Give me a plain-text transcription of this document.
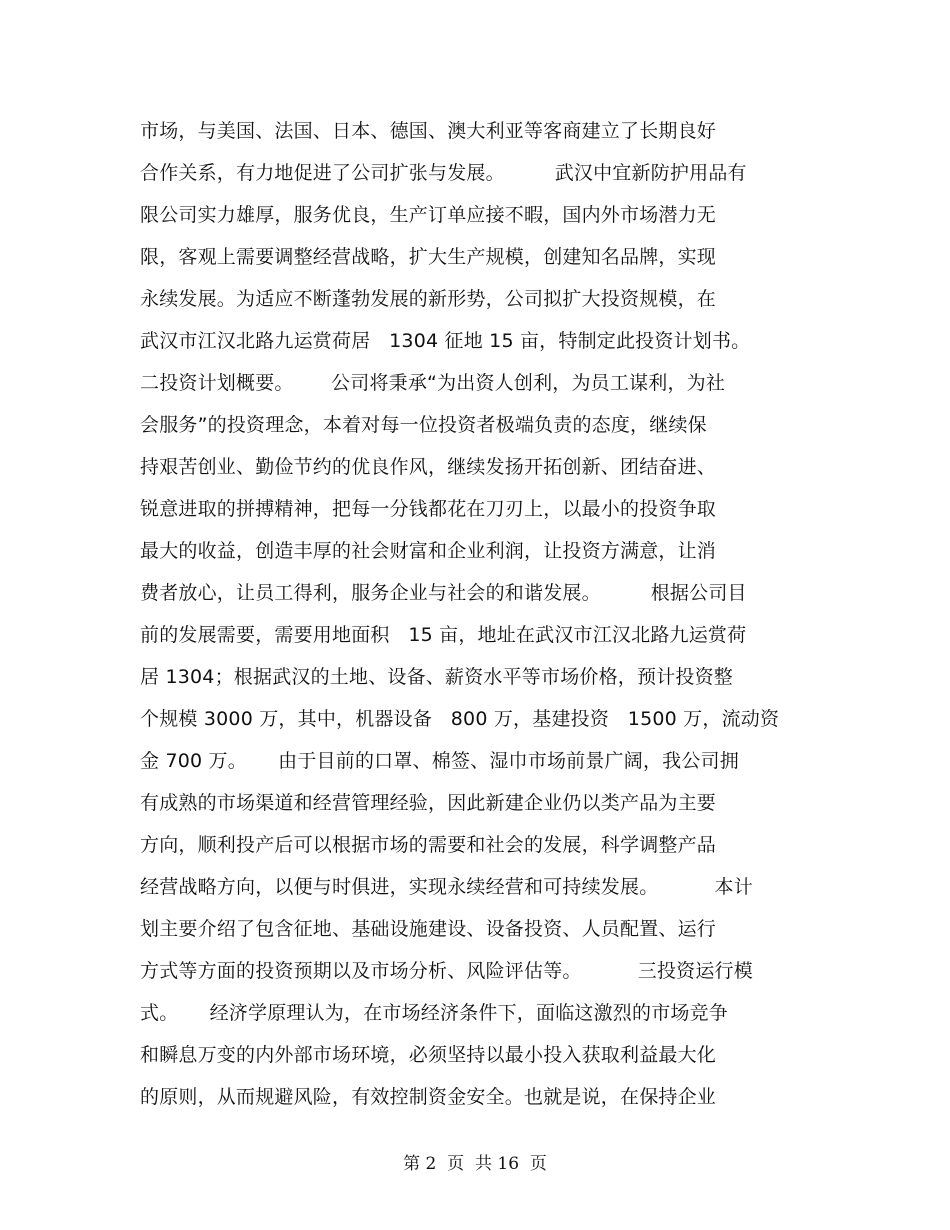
市场，与美国、法国、日本、德国、澳大利亚等客商建立了长期良好
合作关系，有力地促进了公司扩张与发展。        武汉中宜新防护用品有
限公司实力雄厚，服务优良，生产订单应接不暇，国内外市场潜力无
限，客观上需要调整经营战略，扩大生产规模，创建知名品牌，实现
永续发展。为适应不断蓬勃发展的新形势，公司拟扩大投资规模，在
武汉市江汉北路九运赏荷居   1304 征地 15 亩，特制定此投资计划书。
二投资计划概要。      公司将秉承“为出资人创利，为员工谋利，为社
会服务”的投资理念，本着对每一位投资者极端负责的态度，继续保
持艰苦创业、勤俭节约的优良作风，继续发扬开拓创新、团结奋进、
锐意进取的拼搏精神，把每一分钱都花在刀刃上，以最小的投资争取
最大的收益，创造丰厚的社会财富和企业利润，让投资方满意，让消
费者放心，让员工得利，服务企业与社会的和谐发展。        根据公司目
前的发展需要，需要用地面积   15 亩，地址在武汉市江汉北路九运赏荷
居 1304；根据武汉的土地、设备、薪资水平等市场价格，预计投资整
个规模 3000 万，其中，机器设备   800 万，基建投资   1500 万，流动资
金 700 万。     由于目前的口罩、棉签、湿巾市场前景广阔，我公司拥
有成熟的市场渠道和经营管理经验，因此新建企业仍以类产品为主要
方向，顺利投产后可以根据市场的需要和社会的发展，科学调整产品
经营战略方向，以便与时俱进，实现永续经营和可持续发展。         本计
划主要介绍了包含征地、基础设施建设、设备投资、人员配置、运行
方式等方面的投资预期以及市场分析、风险评估等。         三投资运行模
式。     经济学原理认为，在市场经济条件下，面临这激烈的市场竞争
和瞬息万变的内外部市场环境，必须坚持以最小投入获取利益最大化
的原则，从而规避风险，有效控制资金安全。也就是说，在保持企业
第 2  页  共 16  页
